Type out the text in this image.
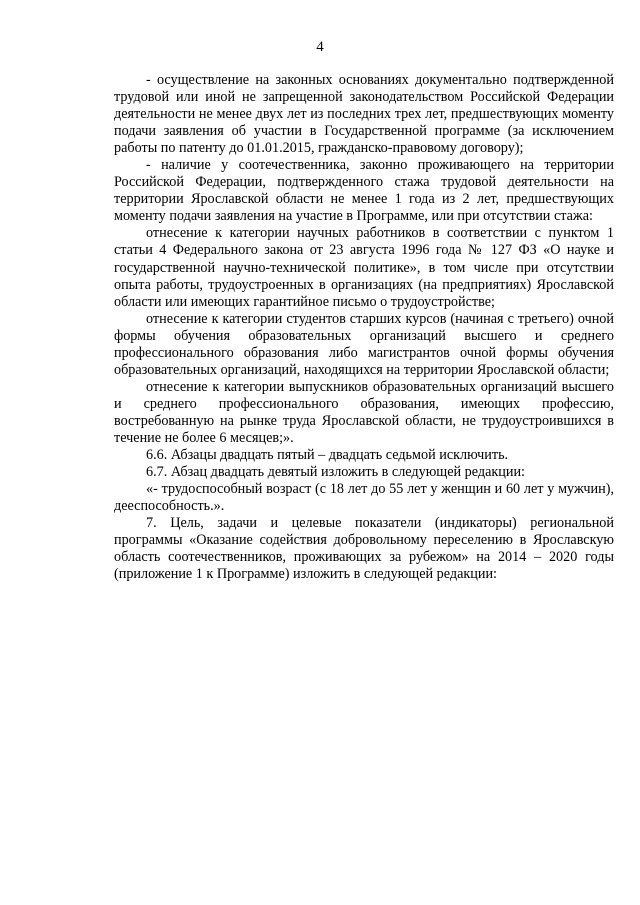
4

- осуществление на законных основаниях документально подтвержденной трудовой или иной не запрещенной законодательством Российской Федерации деятельности не менее двух лет из последних трех лет, предшествующих моменту подачи заявления об участии в Государственной программе (за исключением работы по патенту до 01.01.2015, гражданско-правовому договору);

- наличие у соотечественника, законно проживающего на территории Российской Федерации, подтвержденного стажа трудовой деятельности на территории Ярославской области не менее 1 года из 2 лет, предшествующих моменту подачи заявления на участие в Программе, или при отсутствии стажа:

отнесение к категории научных работников в соответствии с пунктом 1 статьи 4 Федерального закона от 23 августа 1996 года № 127 ФЗ «О науке и государственной научно-технической политике», в том числе при отсутствии опыта работы, трудоустроенных в организациях (на предприятиях) Ярославской области или имеющих гарантийное письмо о трудоустройстве;

отнесение к категории студентов старших курсов (начиная с третьего) очной формы обучения образовательных организаций высшего и среднего профессионального образования либо магистрантов очной формы обучения образовательных организаций, находящихся на территории Ярославской области;

отнесение к категории выпускников образовательных организаций высшего и среднего профессионального образования, имеющих профессию, востребованную на рынке труда Ярославской области, не трудоустроившихся в течение не более 6 месяцев;».

6.6. Абзацы двадцать пятый – двадцать седьмой исключить.

6.7. Абзац двадцать девятый изложить в следующей редакции:

«- трудоспособный возраст (с 18 лет до 55 лет у женщин и 60 лет у мужчин), дееспособность.».

7. Цель, задачи и целевые показатели (индикаторы) региональной программы «Оказание содействия добровольному переселению в Ярославскую область соотечественников, проживающих за рубежом» на 2014 – 2020 годы (приложение 1 к Программе) изложить в следующей редакции:
